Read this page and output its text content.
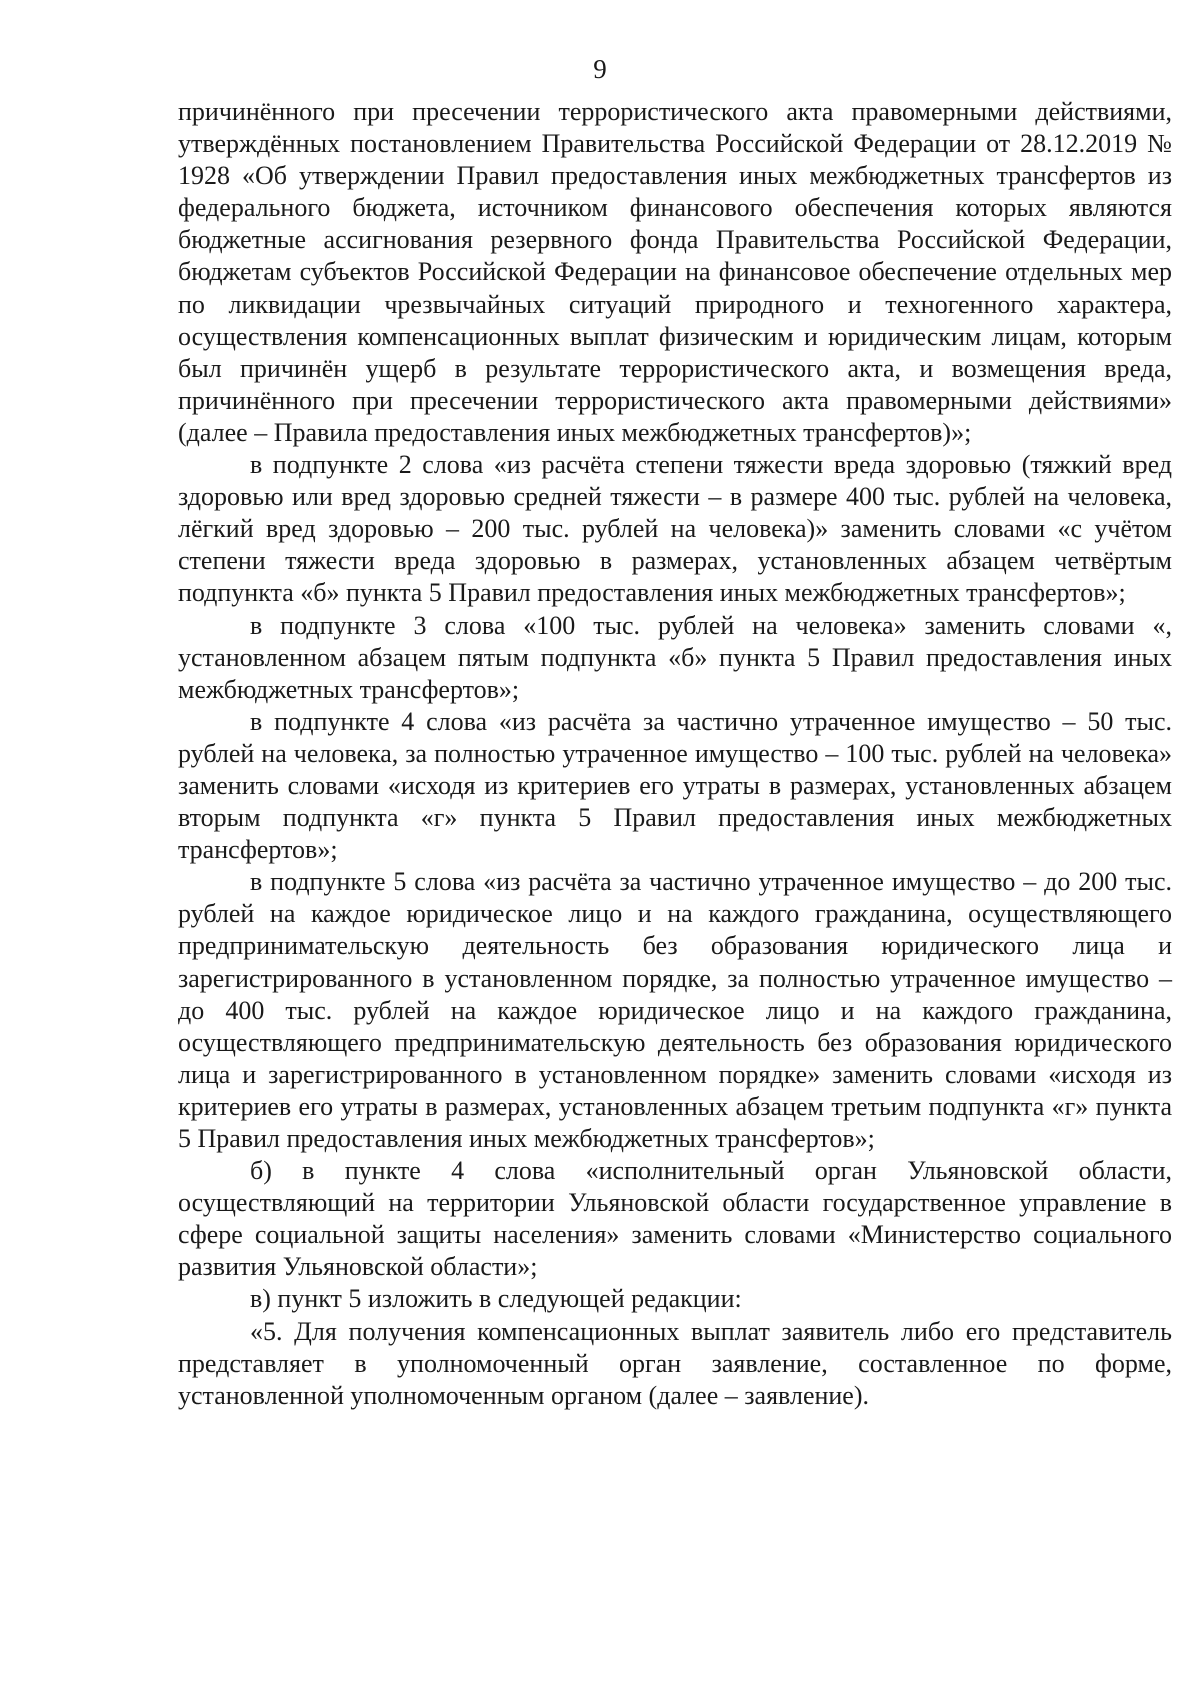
9

причинённого при пресечении террористического акта правомерными действиями, утверждённых постановлением Правительства Российской Федерации от 28.12.2019 № 1928 «Об утверждении Правил предоставления иных межбюджетных трансфертов из федерального бюджета, источником финансового обеспечения которых являются бюджетные ассигнования резервного фонда Правительства Российской Федерации, бюджетам субъектов Российской Федерации на финансовое обеспечение отдельных мер по ликвидации чрезвычайных ситуаций природного и техногенного характера, осуществления компенсационных выплат физическим и юридическим лицам, которым был причинён ущерб в результате террористического акта, и возмещения вреда, причинённого при пресечении террористического акта правомерными действиями» (далее – Правила предоставления иных межбюджетных трансфертов)»;

в подпункте 2 слова «из расчёта степени тяжести вреда здоровью (тяжкий вред здоровью или вред здоровью средней тяжести – в размере 400 тыс. рублей на человека, лёгкий вред здоровью – 200 тыс. рублей на человека)» заменить словами «с учётом степени тяжести вреда здоровью в размерах, установленных абзацем четвёртым подпункта «б» пункта 5 Правил предоставления иных межбюджетных трансфертов»;

в подпункте 3 слова «100 тыс. рублей на человека» заменить словами «, установленном абзацем пятым подпункта «б» пункта 5 Правил предоставления иных межбюджетных трансфертов»;

в подпункте 4 слова «из расчёта за частично утраченное имущество – 50 тыс. рублей на человека, за полностью утраченное имущество – 100 тыс. рублей на человека» заменить словами «исходя из критериев его утраты в размерах, установленных абзацем вторым подпункта «г» пункта 5 Правил предоставления иных межбюджетных трансфертов»;

в подпункте 5 слова «из расчёта за частично утраченное имущество – до 200 тыс. рублей на каждое юридическое лицо и на каждого гражданина, осуществляющего предпринимательскую деятельность без образования юридического лица и зарегистрированного в установленном порядке, за полностью утраченное имущество – до 400 тыс. рублей на каждое юридическое лицо и на каждого гражданина, осуществляющего предпринимательскую деятельность без образования юридического лица и зарегистрированного в установленном порядке» заменить словами «исходя из критериев его утраты в размерах, установленных абзацем третьим подпункта «г» пункта 5 Правил предоставления иных межбюджетных трансфертов»;

б) в пункте 4 слова «исполнительный орган Ульяновской области, осуществляющий на территории Ульяновской области государственное управление в сфере социальной защиты населения» заменить словами «Министерство социального развития Ульяновской области»;

в) пункт 5 изложить в следующей редакции:

«5. Для получения компенсационных выплат заявитель либо его представитель представляет в уполномоченный орган заявление, составленное по форме, установленной уполномоченным органом (далее – заявление).
